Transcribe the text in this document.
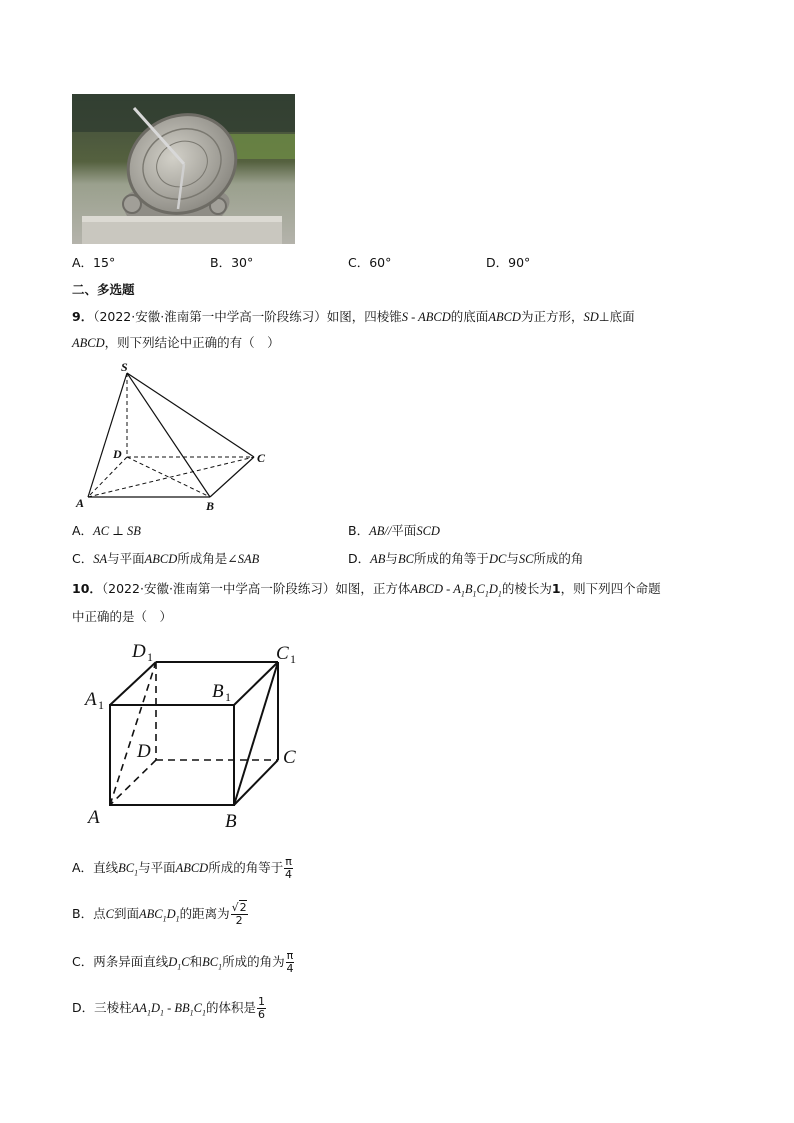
A．15°	B．30°	C．60°	D．90°
二、多选题
9．（2022·安徽·淮南第一中学高一阶段练习）如图，四棱锥S - ABCD的底面ABCD为正方形，SD⊥底面
ABCD，则下列结论中正确的有（　）
S
D	C
A	B
A．AC ⊥ SB	B．AB//平面SCD
C．SA与平面ABCD所成角是∠SAB	D．AB与BC所成的角等于DC与SC所成的角
10．（2022·安徽·淮南第一中学高一阶段练习）如图，正方体ABCD - $A_1B_1C_1D_1$的棱长为1，则下列四个命题
中正确的是（　）
D 1	C 1
A 1
B 1
D	C
A	B
A．直线$BC_1$与平面ABCD所成的角等于 $\frac{\pi}{4}$
B．点C到面$ABC_1D_1$的距离为 $\frac{√2}{2}$
C．两条异面直线$D_1C$和$BC_1$所成的角为 $\frac{\pi}{4}$
D．三棱柱$AA_1D_1 - BB_1C_1$的体积是 $\frac{1}{6}$
